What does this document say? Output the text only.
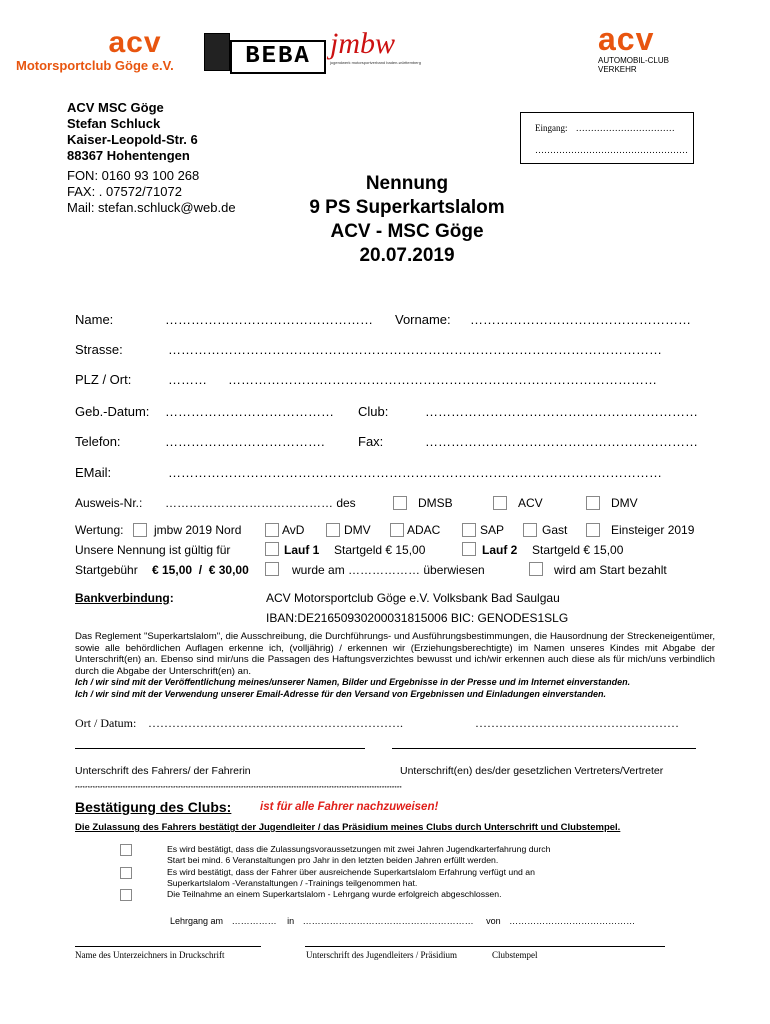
acv
Motorsportclub Göge e.V.	BEBA jmbw
jugendwerk motorsportverband baden-württemberg
acv
AUTOMOBIL-CLUB
VERKEHR
ACV MSC Göge
Stefan Schluck
Kaiser-Leopold-Str. 6
88367 Hohentengen
FON: 0160 93 100 268
FAX: . 07572/71072
Mail: stefan.schluck@web.de
Eingang: ……………………………
……………………………………………
Nennung
9 PS Superkartslalom
ACV - MSC Göge
20.07.2019
Name:	………………………………………… Vorname: ……………………………………………
Strasse:	……………………………………………………………………………………………………
PLZ / Ort:	……… ………………………………………………………………………………………
Geb.-Datum: ………………………………… Club:	………………………………………………………
Telefon:	……………………………….	Fax:	………………………………………………………
EMail:	……………………………………………………………………………………………………
Ausweis-Nr.: …………………………………… des	DMSB	ACV	DMV
Wertung:	jmbw 2019 Nord	AvD	DMV	ADAC	SAP	Gast	Einsteiger 2019
Unsere Nennung ist gültig für	Lauf 1 Startgeld € 15,00	Lauf 2 Startgeld € 15,00
Startgebühr € 15,00  /  € 30,00	wurde am ……………… überwiesen	wird am Start bezahlt
Bankverbindung:	ACV Motorsportclub Göge e.V. Volksbank Bad Saulgau
IBAN:DE21650930200031815006 BIC: GENODES1SLG
Das Reglement "Superkartslalom", die Ausschreibung, die Durchführungs- und Ausführungsbestimmungen, die Hausordnung der Streckeneigentümer, sowie alle behördlichen Auflagen erkenne ich, (volljährig) / erkennen wir (Erziehungsberechtigte) im Namen unseres Kindes mit Abgabe der Unterschrift(en) an. Ebenso sind mir/uns die Passagen des Haftungsverzichtes bewusst und ich/wir erkennen auch diese als für mich/uns verbindlich durch die Abgabe der Unterschrift(en) an.
Ich / wir sind mit der Veröffentlichung meines/unserer Namen, Bilder und Ergebnisse in der Presse und im Internet einverstanden.
Ich / wir sind mit der Verwendung unserer Email-Adresse für den Versand von Ergebnissen und Einladungen einverstanden.
Ort / Datum: ……………………………………………………….	……………………………………………
Unterschrift des Fahrers/ der Fahrerin	Unterschrift(en) des/der gesetzlichen Vertreters/Vertreter
**********************************************************************************************************************************
Bestätigung des Clubs: ist für alle Fahrer nachzuweisen!
Die Zulassung des Fahrers bestätigt der Jugendleiter / das Präsidium meines Clubs durch Unterschrift und Clubstempel.
Es wird bestätigt, dass die Zulassungsvoraussetzungen mit zwei Jahren Jugendkarterfahrung durch
Start bei mind. 6 Veranstaltungen pro Jahr in den letzten beiden Jahren erfüllt werden.
Es wird bestätigt, dass der Fahrer über ausreichende Superkartslalom Erfahrung verfügt und an
Superkartslalom -Veranstaltungen / -Trainings teilgenommen hat.
Die Teilnahme an einem Superkartslalom - Lehrgang wurde erfolgreich abgeschlossen.
Lehrgang am …………… in ………………………………………………… von ……………………………………
Name des Unterzeichners in Druckschrift	Unterschrift des Jugendleiters / Präsidium	Clubstempel
